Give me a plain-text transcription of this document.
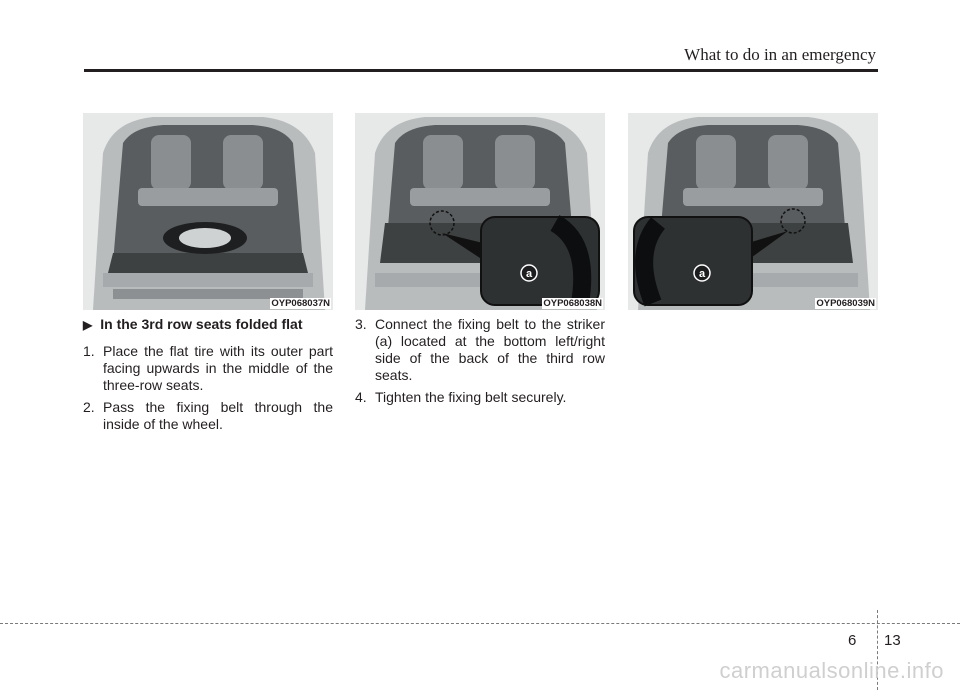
What to do in an emergency
OYP068037N
a
OYP068038N
a
OYP068039N
▶ In the 3rd row seats folded flat
1. Place the flat tire with its outer part facing upwards in the middle of the three-row seats.
2. Pass the fixing belt through the inside of the wheel.
3. Connect the fixing belt to the striker (a) located at the bottom left/right side of the back of the third row seats.
4. Tighten the fixing belt securely.
6 13
carmanualsonline.info
